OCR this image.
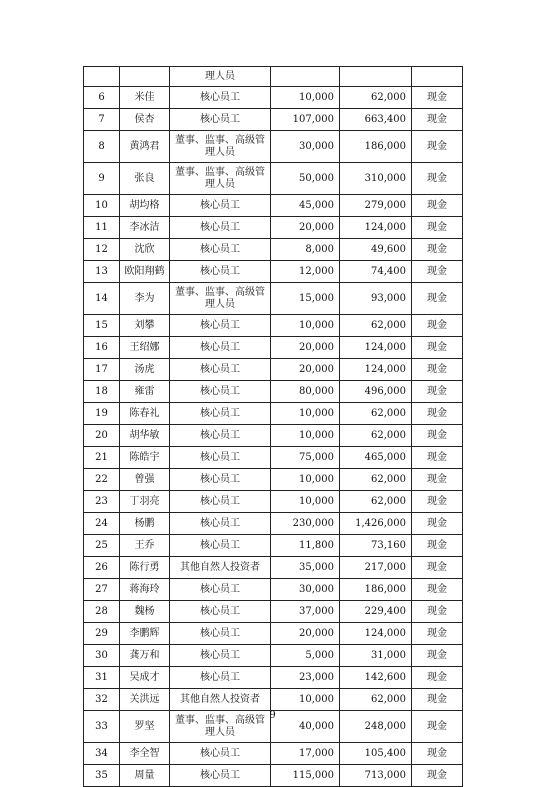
		理人员			
6	米佳	核心员工	10,000	62,000	现金
7	侯杏	核心员工	107,000	663,400	现金
8	黄鸿君	董事、监事、高级管理人员	30,000	186,000	现金
9	张良	董事、监事、高级管理人员	50,000	310,000	现金
10	胡均格	核心员工	45,000	279,000	现金
11	李冰洁	核心员工	20,000	124,000	现金
12	沈欣	核心员工	8,000	49,600	现金
13	欧阳翔鹤	核心员工	12,000	74,400	现金
14	李为	董事、监事、高级管理人员	15,000	93,000	现金
15	刘攀	核心员工	10,000	62,000	现金
16	王绍娜	核心员工	20,000	124,000	现金
17	汤虎	核心员工	20,000	124,000	现金
18	雍雷	核心员工	80,000	496,000	现金
19	陈春礼	核心员工	10,000	62,000	现金
20	胡华敏	核心员工	10,000	62,000	现金
21	陈皓宇	核心员工	75,000	465,000	现金
22	曾强	核心员工	10,000	62,000	现金
23	丁羽亮	核心员工	10,000	62,000	现金
24	杨鹏	核心员工	230,000	1,426,000	现金
25	王乔	核心员工	11,800	73,160	现金
26	陈行勇	其他自然人投资者	35,000	217,000	现金
27	蒋海玲	核心员工	30,000	186,000	现金
28	魏杨	核心员工	37,000	229,400	现金
29	李鹏辉	核心员工	20,000	124,000	现金
30	龚万和	核心员工	5,000	31,000	现金
31	吴成才	核心员工	23,000	142,600	现金
32	关洪远	其他自然人投资者	10,000	62,000	现金
33	罗坚	董事、监事、高级管理人员	40,000	248,000	现金
34	李全智	核心员工	17,000	105,400	现金
35	周量	核心员工	115,000	713,000	现金
9
